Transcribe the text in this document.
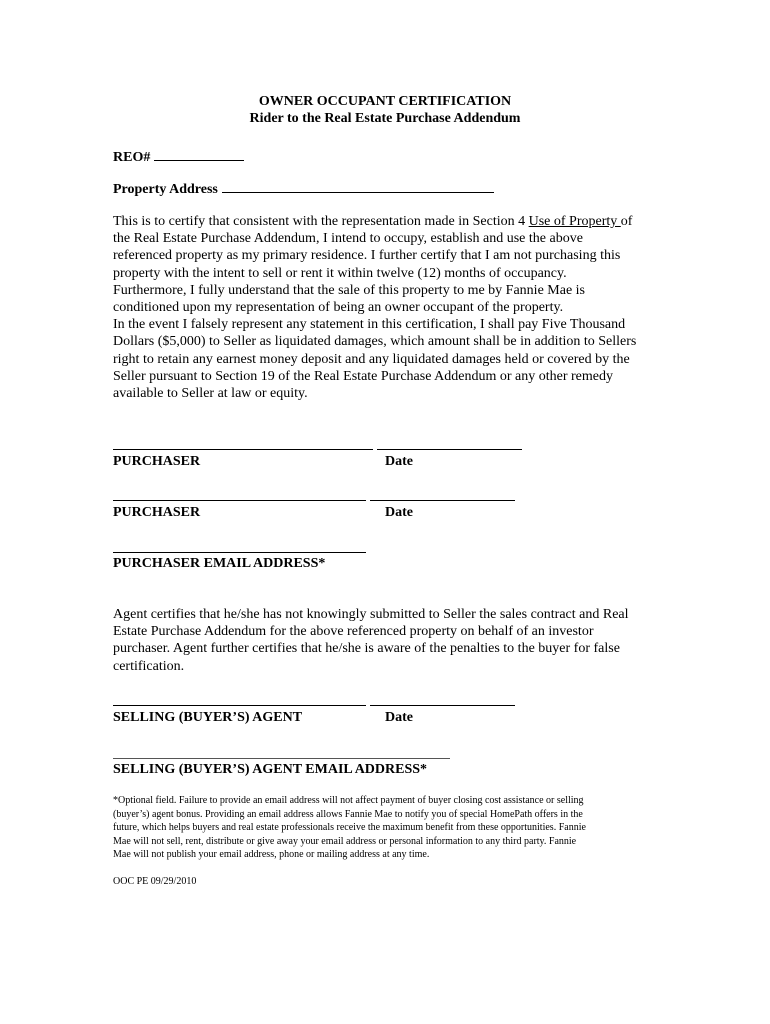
OWNER OCCUPANT CERTIFICATION
Rider to the Real Estate Purchase Addendum
REO#
Property Address
This is to certify that consistent with the representation made in Section 4 Use of Property of
the Real Estate Purchase Addendum, I intend to occupy, establish and use the above
referenced property as my primary residence. I further certify that I am not purchasing this
property with the intent to sell or rent it within twelve (12) months of occupancy.
Furthermore, I fully understand that the sale of this property to me by Fannie Mae is
conditioned upon my representation of being an owner occupant of the property.
In the event I falsely represent any statement in this certification, I shall pay Five Thousand
Dollars ($5,000) to Seller as liquidated damages, which amount shall be in addition to Sellers
right to retain any earnest money deposit and any liquidated damages held or covered by the
Seller pursuant to Section 19 of the Real Estate Purchase Addendum or any other remedy
available to Seller at law or equity.
PURCHASER	Date
PURCHASER	Date
PURCHASER EMAIL ADDRESS*
Agent certifies that he/she has not knowingly submitted to Seller the sales contract and Real
Estate Purchase Addendum for the above referenced property on behalf of an investor
purchaser. Agent further certifies that he/she is aware of the penalties to the buyer for false
certification.
SELLING (BUYER’S) AGENT	Date
SELLING (BUYER’S) AGENT EMAIL ADDRESS*
*Optional field. Failure to provide an email address will not affect payment of buyer closing cost assistance or selling
(buyer’s) agent bonus. Providing an email address allows Fannie Mae to notify you of special HomePath offers in the
future, which helps buyers and real estate professionals receive the maximum benefit from these opportunities. Fannie
Mae will not sell, rent, distribute or give away your email address or personal information to any third party. Fannie
Mae will not publish your email address, phone or mailing address at any time.
OOC PE 09/29/2010
